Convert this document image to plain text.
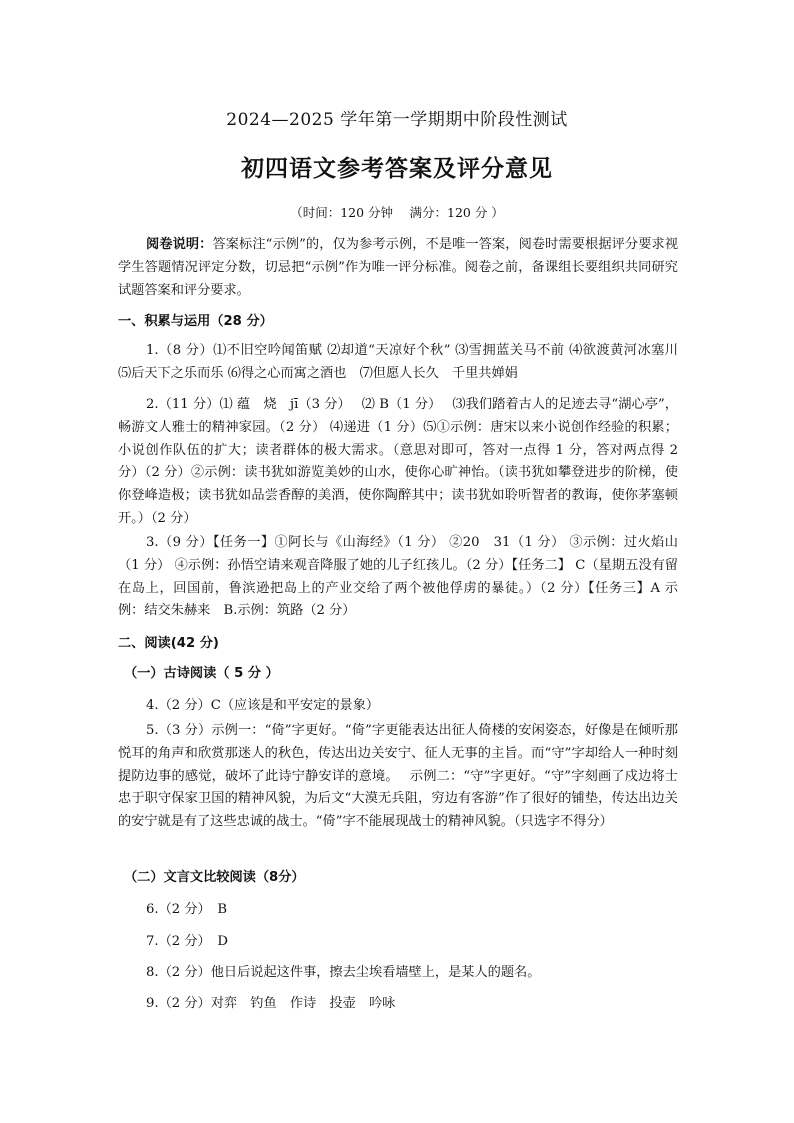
2024—2025 学年第一学期期中阶段性测试
初四语文参考答案及评分意见
（时间：120 分钟　 满分：120 分 ）
阅卷说明：答案标注“示例”的，仅为参考示例，不是唯一答案，阅卷时需要根据评分要求视学生答题情况评定分数，切忌把“示例”作为唯一评分标准。阅卷之前，备课组长要组织共同研究试题答案和评分要求。
一、积累与运用（28 分）
1.（8 分）⑴不旧空吟闻笛赋 ⑵却道“天凉好个秋” ⑶雪拥蓝关马不前 ⑷欲渡黄河冰塞川　⑸后天下之乐而乐 ⑹得之心而寓之酒也　⑺但愿人长久　千里共婵娟
2.（11 分）⑴ 蕴　烧　jī（3 分）　 ⑵ B（1 分）　 ⑶我们踏着古人的足迹去寻“湖心亭”，畅游文人雅士的精神家园。（2 分） ⑷递进（1 分）⑸①示例：唐宋以来小说创作经验的积累；小说创作队伍的扩大；读者群体的极大需求。（意思对即可，答对一点得 1 分，答对两点得 2 分）（2 分）②示例：读书犹如游览美妙的山水，使你心旷神怡。（读书犹如攀登进步的阶梯，使你登峰造极；读书犹如品尝香醇的美酒，使你陶醉其中；读书犹如聆听智者的教诲，使你茅塞顿开。）（2 分）
3.（9 分）【任务一】①阿长与《山海经》（1 分） ②20　31（1 分） ③示例：过火焰山（1 分） ④示例：孙悟空请来观音降服了她的儿子红孩儿。（2 分）【任务二】 C（星期五没有留在岛上，回国前，鲁滨逊把岛上的产业交给了两个被他俘虏的暴徒。）（2 分）【任务三】A 示例：结交朱赫来　B.示例：筑路（2 分）
二、阅读(42 分)
（一）古诗阅读（ 5 分 ）
4.（2 分）C（应该是和平安定的景象）
5.（3 分）示例一：“倚”字更好。“倚”字更能表达出征人倚楼的安闲姿态，好像是在倾听那悦耳的角声和欣赏那迷人的秋色，传达出边关安宁、征人无事的主旨。而“守”字却给人一种时刻提防边事的感觉，破坏了此诗宁静安详的意境。　 示例二：“守”字更好。“守”字刻画了戍边将士忠于职守保家卫国的精神风貌，为后文“大漠无兵阻，穷边有客游”作了很好的铺垫，传达出边关的安宁就是有了这些忠诚的战士。“倚”字不能展现战士的精神风貌。（只选字不得分）
（二）文言文比较阅读（8分）
6.（2 分）　B
7.（2 分）　D
8.（2 分）他日后说起这件事，擦去尘埃看墙壁上，是某人的题名。
9.（2 分）对弈　钓鱼　作诗　投壶　吟咏
